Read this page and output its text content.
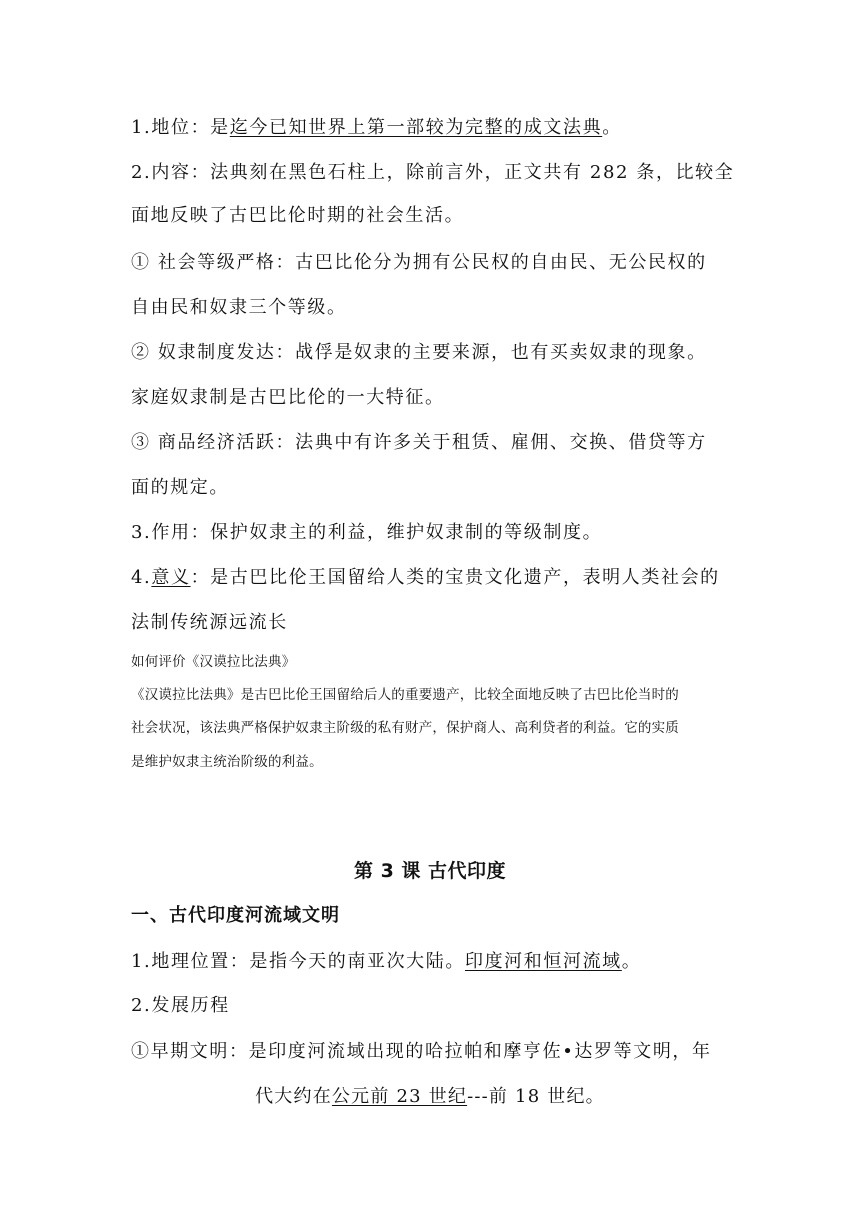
1.地位：是迄今已知世界上第一部较为完整的成文法典。
2.内容：法典刻在黑色石柱上，除前言外，正文共有 282 条，比较全
面地反映了古巴比伦时期的社会生活。
① 社会等级严格：古巴比伦分为拥有公民权的自由民、无公民权的
自由民和奴隶三个等级。
② 奴隶制度发达：战俘是奴隶的主要来源，也有买卖奴隶的现象。
家庭奴隶制是古巴比伦的一大特征。
③ 商品经济活跃：法典中有许多关于租赁、雇佣、交换、借贷等方
面的规定。
3.作用：保护奴隶主的利益，维护奴隶制的等级制度。
4.意义：是古巴比伦王国留给人类的宝贵文化遗产，表明人类社会的
法制传统源远流长
如何评价《汉谟拉比法典》
《汉谟拉比法典》是古巴比伦王国留给后人的重要遗产，比较全面地反映了古巴比伦当时的
社会状况，该法典严格保护奴隶主阶级的私有财产，保护商人、高利贷者的利益。它的实质
是维护奴隶主统治阶级的利益。
第 3 课 古代印度
一、古代印度河流域文明
1.地理位置：是指今天的南亚次大陆。印度河和恒河流域。
2.发展历程
①早期文明：是印度河流域出现的哈拉帕和摩亨佐•达罗等文明，年
代大约在公元前 23 世纪---前 18 世纪。
